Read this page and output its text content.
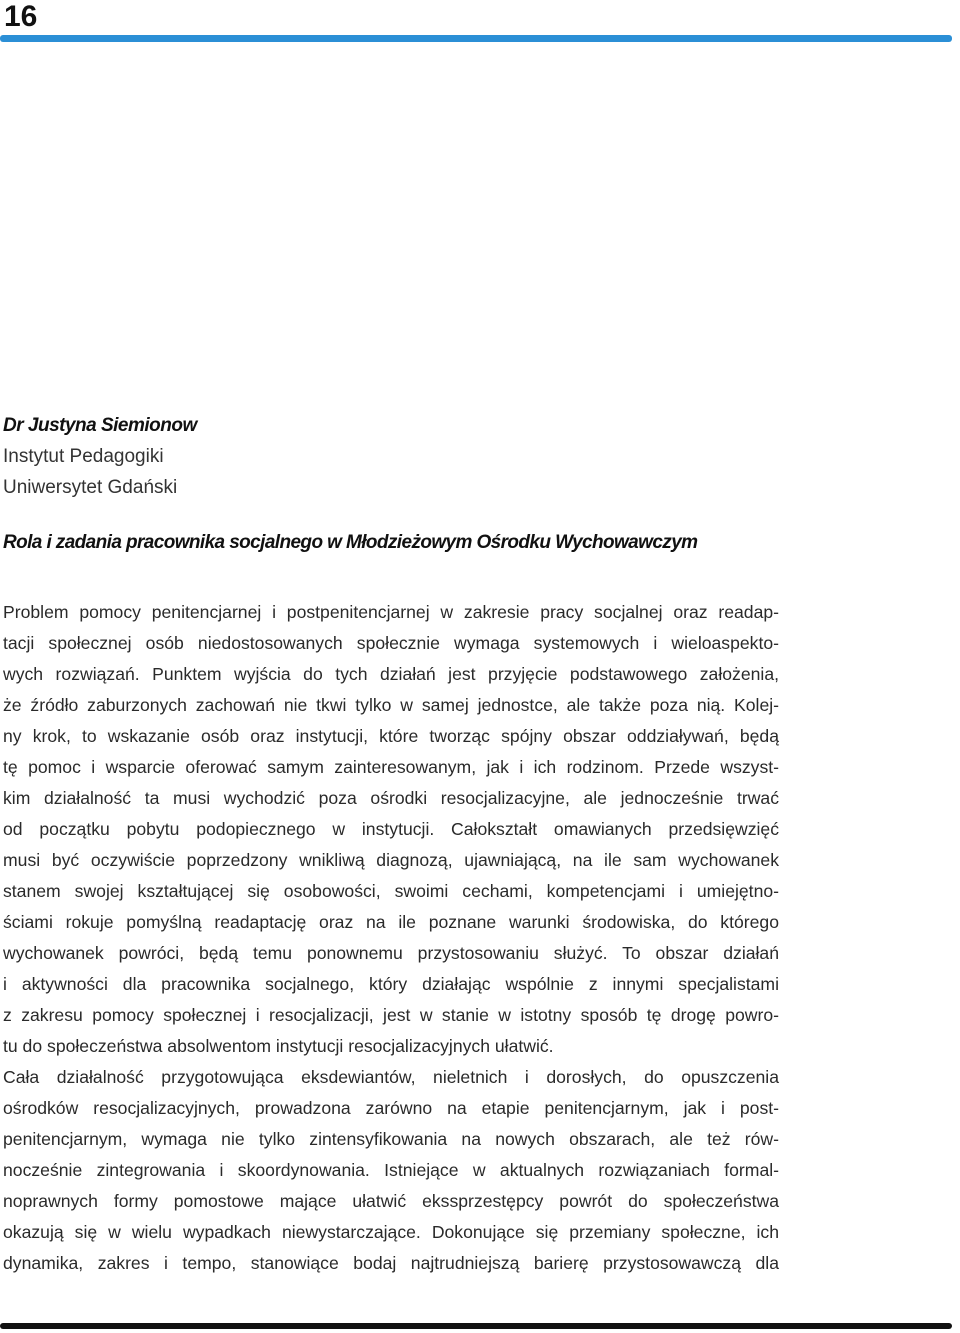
16
Dr Justyna Siemionow
Instytut Pedagogiki
Uniwersytet Gdański
Rola i zadania pracownika socjalnego w Młodzieżowym Ośrodku Wychowawczym
Problem pomocy penitencjarnej i postpenitencjarnej w zakresie pracy socjalnej oraz readap-
tacji społecznej osób niedostosowanych społecznie wymaga systemowych i wieloaspekto-
wych rozwiązań. Punktem wyjścia do tych działań jest przyjęcie podstawowego założenia,
że źródło zaburzonych zachowań nie tkwi tylko w samej jednostce, ale także poza nią. Kolej-
ny krok, to wskazanie osób oraz instytucji, które tworząc spójny obszar oddziaływań, będą
tę pomoc i wsparcie oferować samym zainteresowanym, jak i ich rodzinom. Przede wszyst-
kim działalność ta musi wychodzić poza ośrodki resocjalizacyjne, ale jednocześnie trwać
od początku pobytu podopiecznego w instytucji. Całokształt omawianych przedsięwzięć
musi być oczywiście poprzedzony wnikliwą diagnozą, ujawniającą, na ile sam wychowanek
stanem swojej kształtującej się osobowości, swoimi cechami, kompetencjami i umiejętno-
ściami rokuje pomyślną readaptację oraz na ile poznane warunki środowiska, do którego
wychowanek powróci, będą temu ponownemu przystosowaniu służyć. To obszar działań
i aktywności dla pracownika socjalnego, który działając wspólnie z innymi specjalistami
z zakresu pomocy społecznej i resocjalizacji, jest w stanie w istotny sposób tę drogę powro-
tu do społeczeństwa absolwentom instytucji resocjalizacyjnych ułatwić.
Cała działalność przygotowująca eksdewiantów, nieletnich i dorosłych, do opuszczenia
ośrodków resocjalizacyjnych, prowadzona zarówno na etapie penitencjarnym, jak i post-
penitencjarnym, wymaga nie tylko zintensyfikowania na nowych obszarach, ale też rów-
nocześnie zintegrowania i skoordynowania. Istniejące w aktualnych rozwiązaniach formal-
noprawnych formy pomostowe mające ułatwić ekssprzestępcy powrót do społeczeństwa
okazują się w wielu wypadkach niewystarczające. Dokonujące się przemiany społeczne, ich
dynamika, zakres i tempo, stanowiące bodaj najtrudniejszą barierę przystosowawczą dla
